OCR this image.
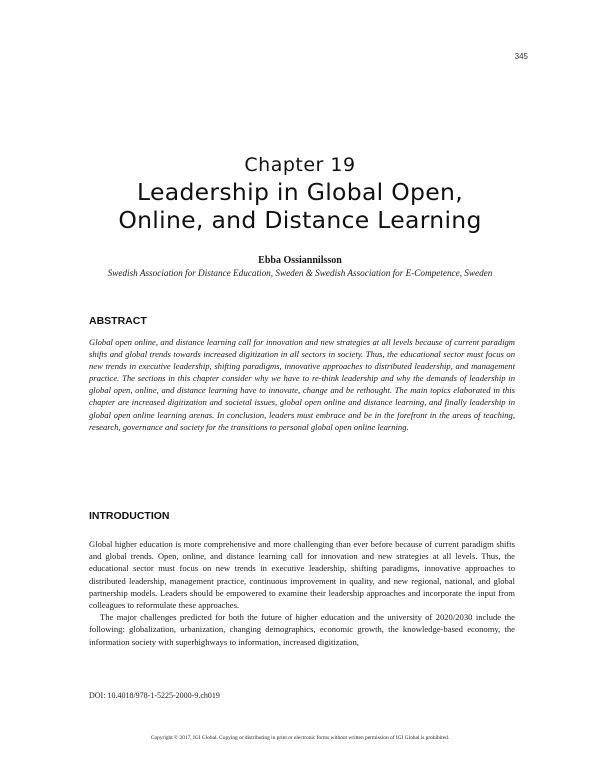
345
Chapter 19
Leadership in Global Open,
Online, and Distance Learning
Ebba Ossiannilsson
Swedish Association for Distance Education, Sweden & Swedish Association for E-Competence, Sweden
ABSTRACT

Global open online, and distance learning call for innovation and new strategies at all levels because of current paradigm shifts and global trends towards increased digitization in all sectors in society. Thus, the educational sector must focus on new trends in executive leadership, shifting paradigms, innovative approaches to distributed leadership, and management practice. The sections in this chapter consider why we have to re-think leadership and why the demands of leadership in global open, online, and distance learning have to innovate, change and be rethought. The main topics elaborated in this chapter are increased digitization and societal issues, global open online and distance learning, and finally leadership in global open online learning arenas. In conclusion, leaders must embrace and be in the forefront in the areas of teaching, research, governance and society for the transitions to personal global open online learning.

INTRODUCTION

Global higher education is more comprehensive and more challenging than ever before because of current paradigm shifts and global trends. Open, online, and distance learning call for innovation and new strategies at all levels. Thus, the educational sector must focus on new trends in executive leadership, shifting paradigms, innovative approaches to distributed leadership, management practice, continuous improvement in quality, and new regional, national, and global partnership models. Leaders should be empowered to examine their leadership approaches and incorporate the input from colleagues to reformulate these approaches.

The major challenges predicted for both the future of higher education and the university of 2020/2030 include the following: globalization, urbanization, changing demographics, economic growth, the knowledge-based economy, the information society with superhighways to information, increased digitization,

DOI: 10.4018/978-1-5225-2000-9.ch019
Copyright © 2017, IGI Global. Copying or distributing in print or electronic forms without written permission of IGI Global is prohibited.
